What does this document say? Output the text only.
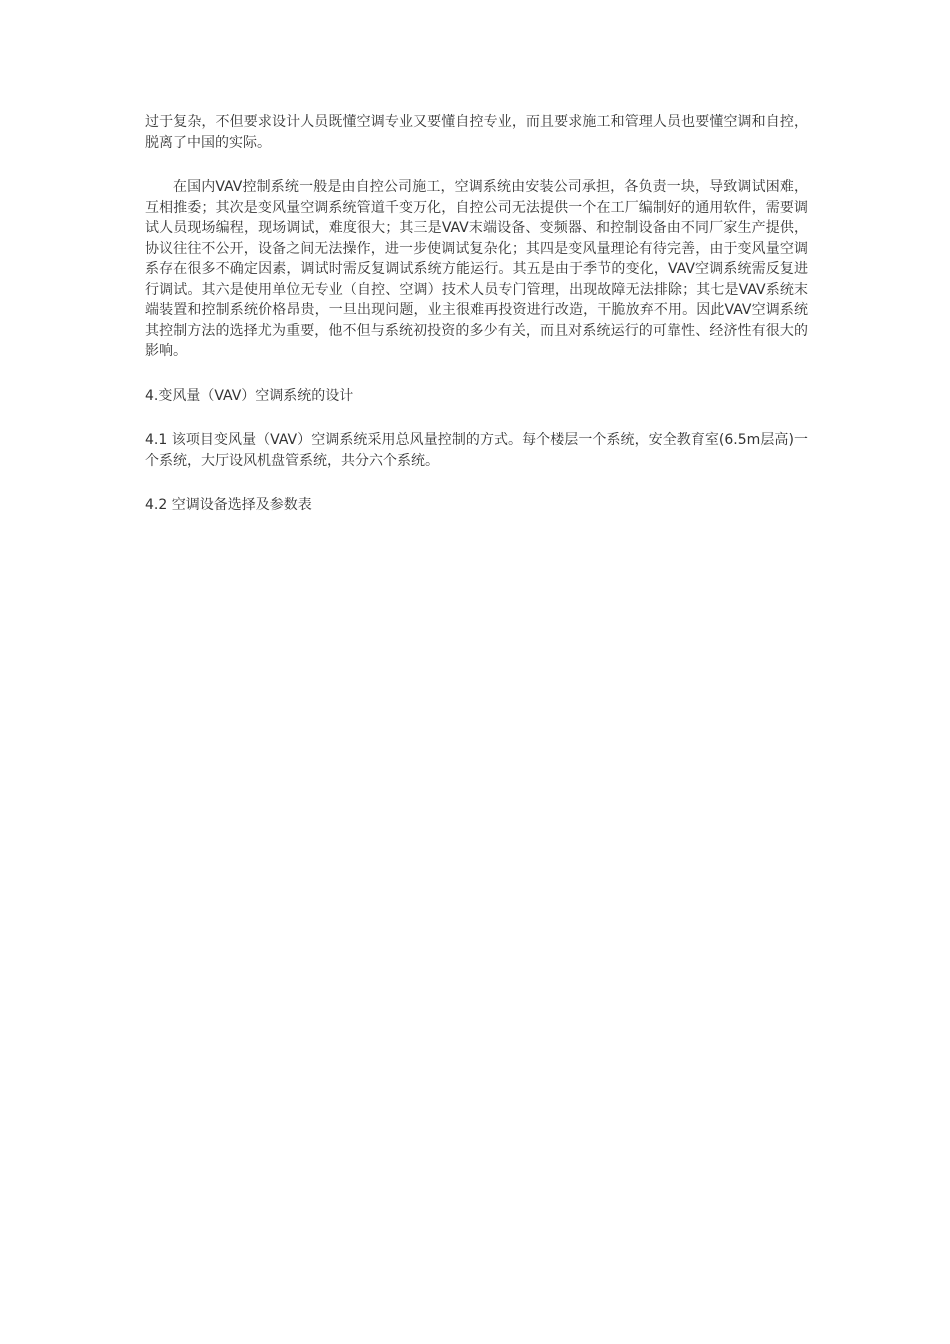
过于复杂，不但要求设计人员既懂空调专业又要懂自控专业，而且要求施工和管理人员也要懂空调和自控，脱离了中国的实际。

在国内VAV控制系统一般是由自控公司施工，空调系统由安装公司承担，各负责一块，导致调试困难，互相推委；其次是变风量空调系统管道千变万化，自控公司无法提供一个在工厂编制好的通用软件，需要调试人员现场编程，现场调试，难度很大；其三是VAV末端设备、变频器、和控制设备由不同厂家生产提供，协议往往不公开，设备之间无法操作，进一步使调试复杂化；其四是变风量理论有待完善，由于变风量空调系存在很多不确定因素，调试时需反复调试系统方能运行。其五是由于季节的变化，VAV空调系统需反复进行调试。其六是使用单位无专业（自控、空调）技术人员专门管理，出现故障无法排除；其七是VAV系统末端装置和控制系统价格昂贵，一旦出现问题，业主很难再投资进行改造，干脆放弃不用。因此VAV空调系统其控制方法的选择尤为重要，他不但与系统初投资的多少有关，而且对系统运行的可靠性、经济性有很大的影响。

4.变风量（VAV）空调系统的设计

4.1 该项目变风量（VAV）空调系统采用总风量控制的方式。每个楼层一个系统，安全教育室(6.5m层高)一个系统，大厅设风机盘管系统，共分六个系统。

4.2 空调设备选择及参数表
